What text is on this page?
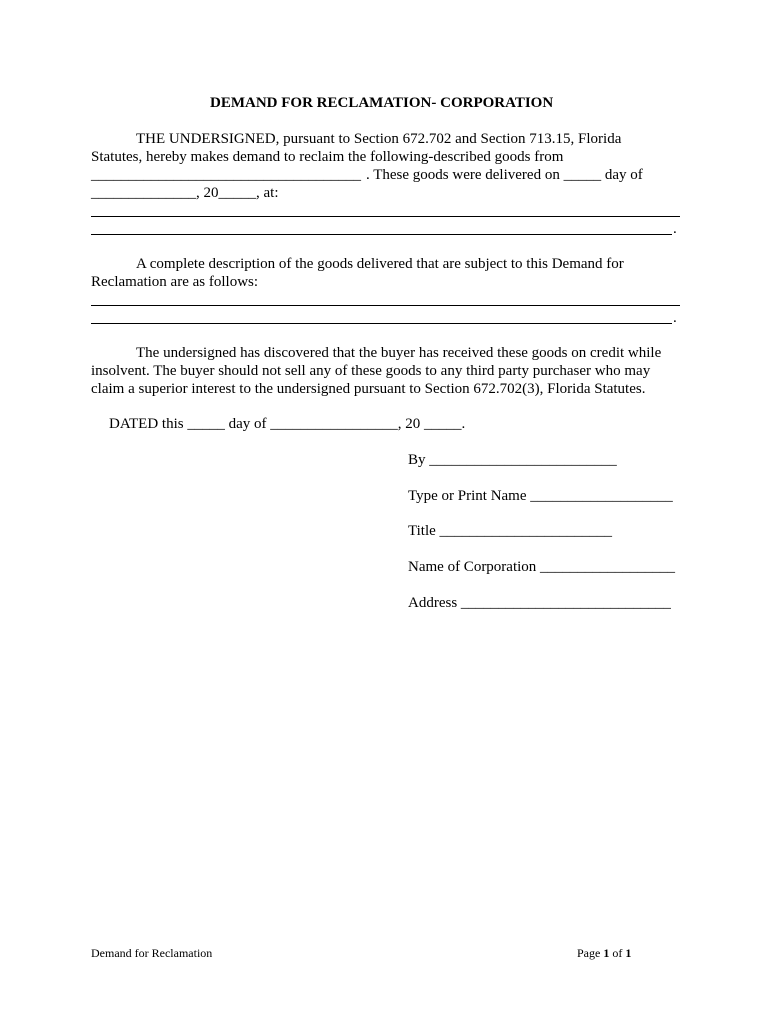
DEMAND FOR RECLAMATION- CORPORATION
THE UNDERSIGNED, pursuant to Section 672.702 and Section 713.15, Florida
Statutes, hereby makes demand to reclaim the following-described goods from
____________________________________ . These goods were delivered on _____ day of
______________, 20_____, at:
.
A complete description of the goods delivered that are subject to this Demand for
Reclamation are as follows:
.
The undersigned has discovered that the buyer has received these goods on credit while
insolvent. The buyer should not sell any of these goods to any third party purchaser who may
claim a superior interest to the undersigned pursuant to Section 672.702(3), Florida Statutes.
DATED this _____ day of _________________, 20 _____.
By _________________________
Type or Print Name ___________________
Title _______________________
Name of Corporation __________________
Address ____________________________
Demand for Reclamation	Page 1 of 1
